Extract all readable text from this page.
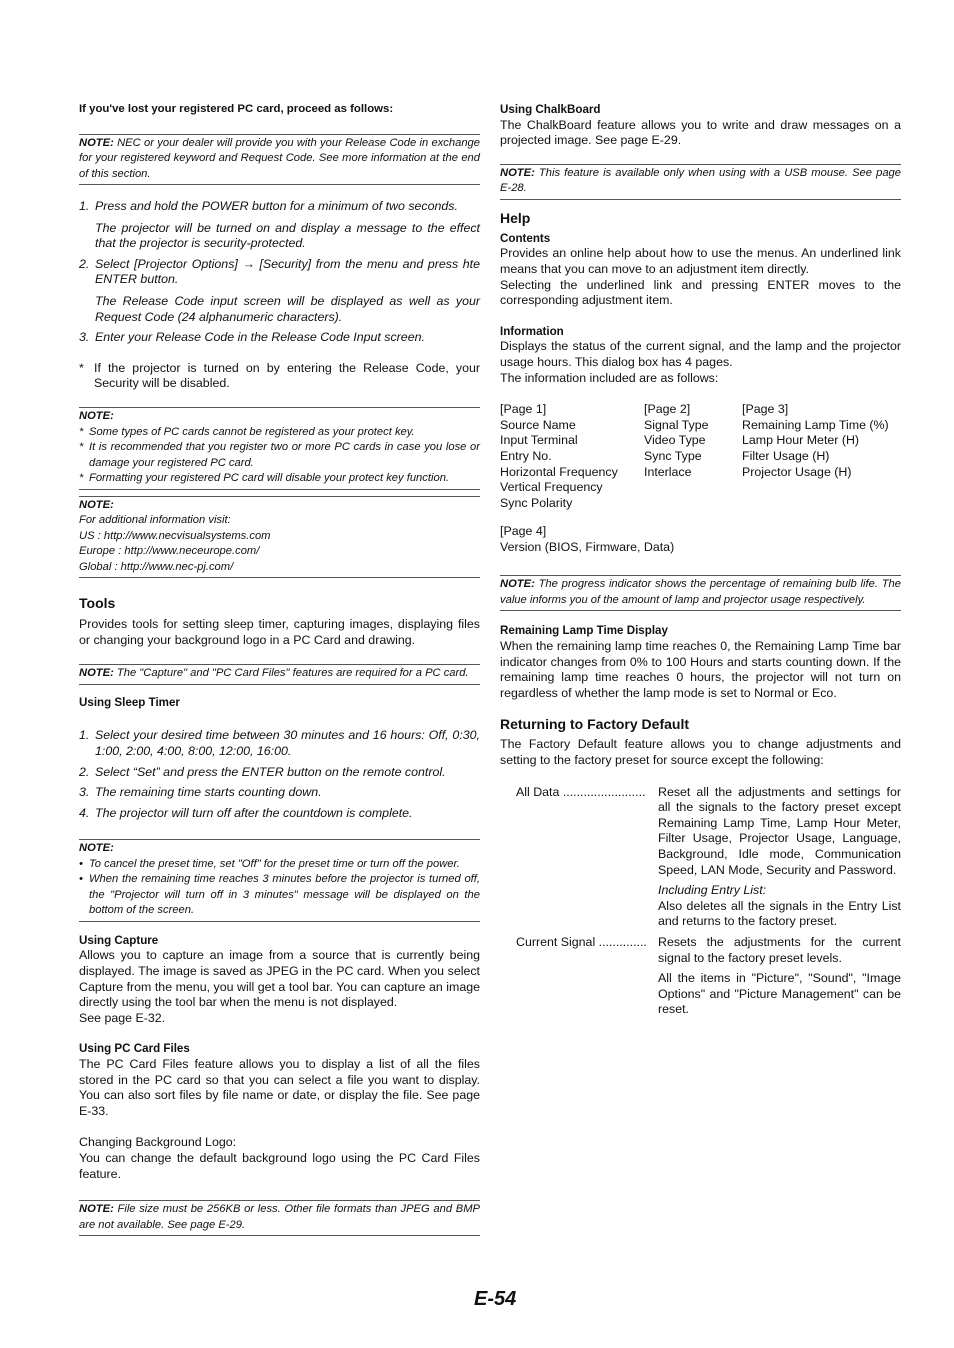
If you've lost your registered PC card, proceed as follows:

NOTE: NEC or your dealer will provide you with your Release Code in exchange for your registered keyword and Request Code. See more information at the end of this section.
1. Press and hold the POWER button for a minimum of two seconds.

The projector will be turned on and display a message to the effect that the projector is security-protected.

2. Select [Projector Options] → [Security] from the menu and press hte ENTER button.

The Release Code input screen will be displayed as well as your Request Code (24 alphanumeric characters).

3. Enter your Release Code in the Release Code Input screen.
* If the projector is turned on by entering the Release Code, your Security will be disabled.
NOTE:
* Some types of PC cards cannot be registered as your protect key.
* It is recommended that you register two or more PC cards in case you lose or damage your registered PC card.
* Formatting your registered PC card will disable your protect key function.
NOTE:
For additional information visit:
US : http://www.necvisualsystems.com
Europe : http://www.neceurope.com/
Global : http://www.nec-pj.com/

Tools

Provides tools for setting sleep timer, capturing images, displaying files or changing your background logo in a PC Card and drawing.

NOTE: The "Capture" and "PC Card Files" features are required for a PC card.

Using Sleep Timer

1. Select your desired time between 30 minutes and 16 hours: Off, 0:30, 1:00, 2:00, 4:00, 8:00, 12:00, 16:00.
2. Select “Set” and press the ENTER button on the remote control.
3. The remaining time starts counting down.
4. The projector will turn off after the countdown is complete.
NOTE:
• To cancel the preset time, set "Off" for the preset time or turn off the power.
• When the remaining time reaches 3 minutes before the projector is turned off, the "Projector will turn off in 3 minutes" message will be displayed on the bottom of the screen.

Using Capture

Allows you to capture an image from a source that is currently being displayed. The image is saved as JPEG in the PC card. When you select Capture from the menu, you will get a tool bar. You can capture an image directly using the tool bar when the menu is not displayed.

See page E-32.

Using PC Card Files

The PC Card Files feature allows you to display a list of all the files stored in the PC card so that you can select a file you want to display. You can also sort files by file name or date, or display the file. See page E-33.

Changing Background Logo:

You can change the default background logo using the PC Card Files feature.

NOTE: File size must be 256KB or less. Other file formats than JPEG and BMP are not available. See page E-29.

Using ChalkBoard

The ChalkBoard feature allows you to write and draw messages on a projected image. See page E-29.

NOTE: This feature is available only when using with a USB mouse. See page E-28.

Help

Contents

Provides an online help about how to use the menus. An underlined link means that you can move to an adjustment item directly.

Selecting the underlined link and pressing ENTER moves to the corresponding adjustment item.

Information

Displays the status of the current signal, and the lamp and the projector usage hours. This dialog box has 4 pages.

The information included are as follows:

[Page 1]
Source Name
Input Terminal
Entry No.
Horizontal Frequency
Vertical Frequency
Sync Polarity
[Page 2]
Signal Type
Video Type
Sync Type
Interlace
[Page 3]
Remaining Lamp Time (%)
Lamp Hour Meter (H)
Filter Usage (H)
Projector Usage (H)
[Page 4]
Version (BIOS, Firmware, Data)
NOTE: The progress indicator shows the percentage of remaining bulb life. The value informs you of the amount of lamp and projector usage respectively.

Remaining Lamp Time Display

When the remaining lamp time reaches 0, the Remaining Lamp Time bar indicator changes from 0% to 100 Hours and starts counting down. If the remaining lamp time reaches 0 hours, the projector will not turn on regardless of whether the lamp mode is set to Normal or Eco.

Returning to Factory Default

The Factory Default feature allows you to change adjustments and setting to the factory preset for source except the following:

All Data ........................	Reset all the adjustments and settings for all the signals to the factory preset except Remaining Lamp Time, Lamp Hour Meter, Filter Usage, Projector Usage, Language, Background, Idle mode, Communication Speed, LAN Mode, Security and Password.
Including Entry List:
Also deletes all the signals in the Entry List and returns to the factory preset.
Current Signal .............. Resets the adjustments for the current signal to the factory preset levels.
All the items in "Picture", "Sound", "Image Options" and "Picture Management" can be reset.
E-54
